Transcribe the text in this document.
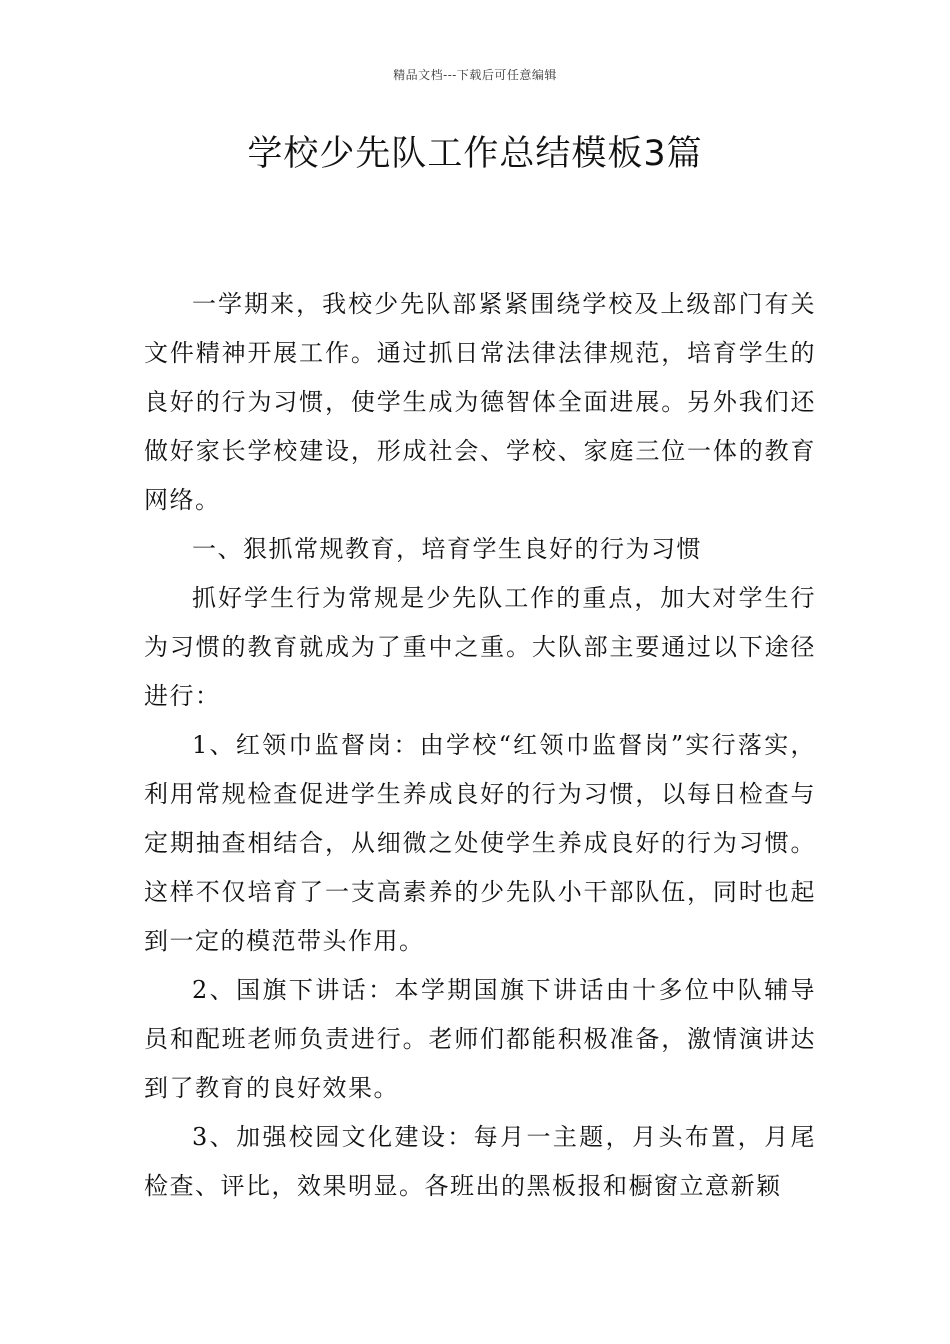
精品文档---下载后可任意编辑
学校少先队工作总结模板3篇

一学期来，我校少先队部紧紧围绕学校及上级部门有关文件精神开展工作。通过抓日常法律法律规范，培育学生的良好的行为习惯，使学生成为德智体全面进展。另外我们还做好家长学校建设，形成社会、学校、家庭三位一体的教育网络。

一、狠抓常规教育，培育学生良好的行为习惯

抓好学生行为常规是少先队工作的重点，加大对学生行为习惯的教育就成为了重中之重。大队部主要通过以下途径进行：

1、红领巾监督岗：由学校“红领巾监督岗”实行落实，利用常规检查促进学生养成良好的行为习惯，以每日检查与定期抽查相结合，从细微之处使学生养成良好的行为习惯。这样不仅培育了一支高素养的少先队小干部队伍，同时也起到一定的模范带头作用。

2、国旗下讲话：本学期国旗下讲话由十多位中队辅导员和配班老师负责进行。老师们都能积极准备，激情演讲达到了教育的良好效果。

3、加强校园文化建设：每月一主题，月头布置，月尾检查、评比，效果明显。各班出的黑板报和橱窗立意新颖
